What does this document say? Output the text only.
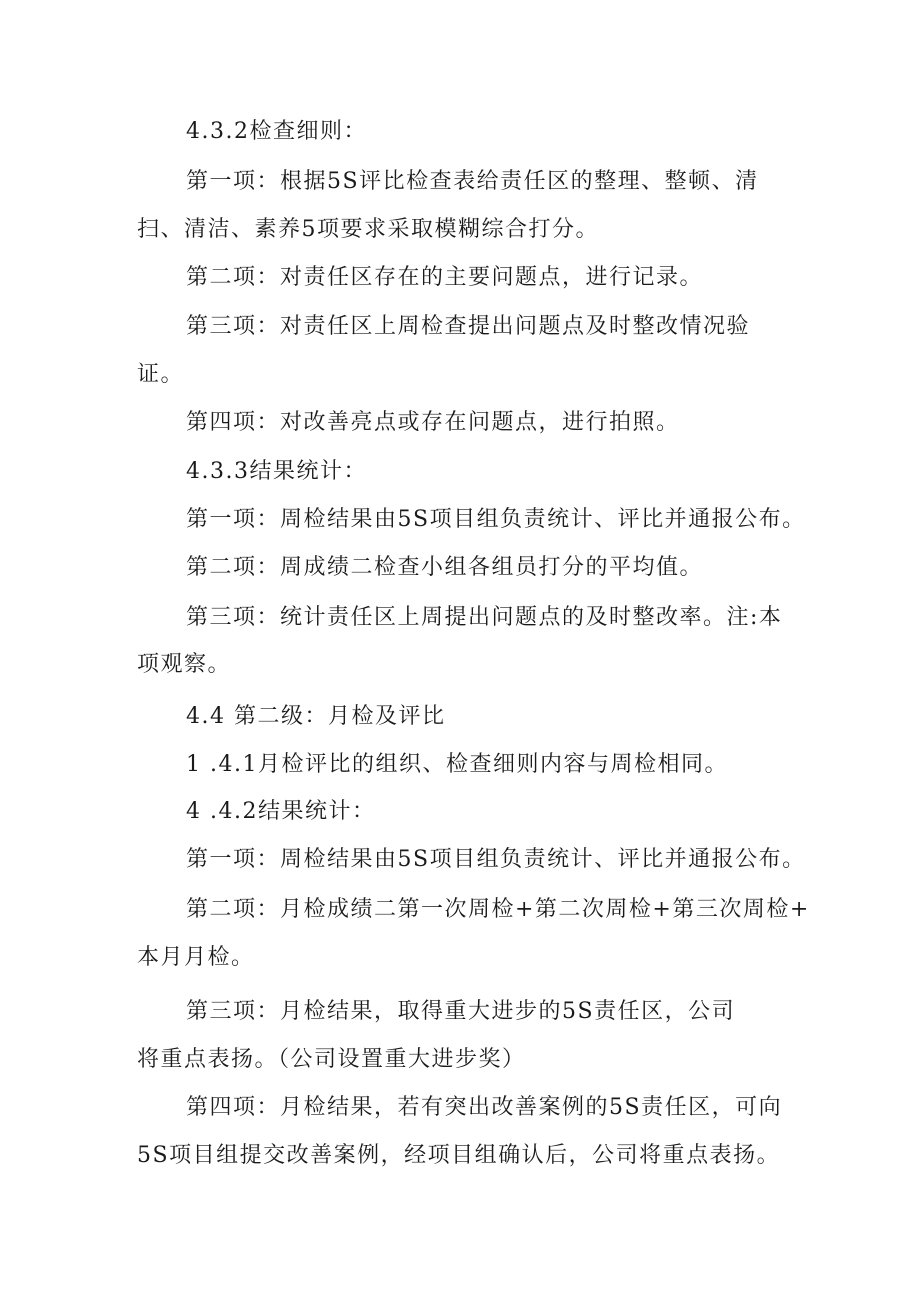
4.3.2检查细则：
第一项：根据5S评比检查表给责任区的整理、整顿、清
扫、清洁、素养5项要求采取模糊综合打分。
第二项：对责任区存在的主要问题点，进行记录。
第三项：对责任区上周检查提出问题点及时整改情况验
证。
第四项：对改善亮点或存在问题点，进行拍照。
4.3.3结果统计：
第一项：周检结果由5S项目组负责统计、评比并通报公布。
第二项：周成绩二检查小组各组员打分的平均值。
第三项：统计责任区上周提出问题点的及时整改率。注:本
项观察。
4.4 第二级：月检及评比
1 .4.1月检评比的组织、检查细则内容与周检相同。
4 .4.2结果统计：
第一项：周检结果由5S项目组负责统计、评比并通报公布。
第二项：月检成绩二第一次周检+第二次周检+第三次周检+
本月月检。
第三项：月检结果，取得重大进步的5S责任区，公司
将重点表扬。（公司设置重大进步奖）
第四项：月检结果，若有突出改善案例的5S责任区，可向
5S项目组提交改善案例，经项目组确认后，公司将重点表扬。
